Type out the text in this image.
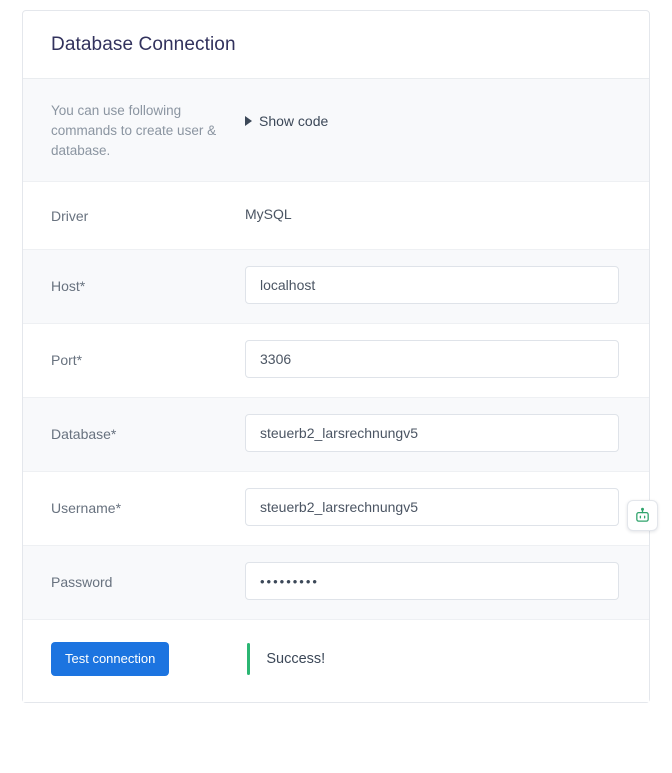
Database Connection
You can use following commands to create user & database.
Show code
Driver	MySQL
Host*
localhost
Port*
3306
Database*
steuerb2_larsrechnungv5
Username*
steuerb2_larsrechnungv5
Password
•••••••••
Test connection	Success!
